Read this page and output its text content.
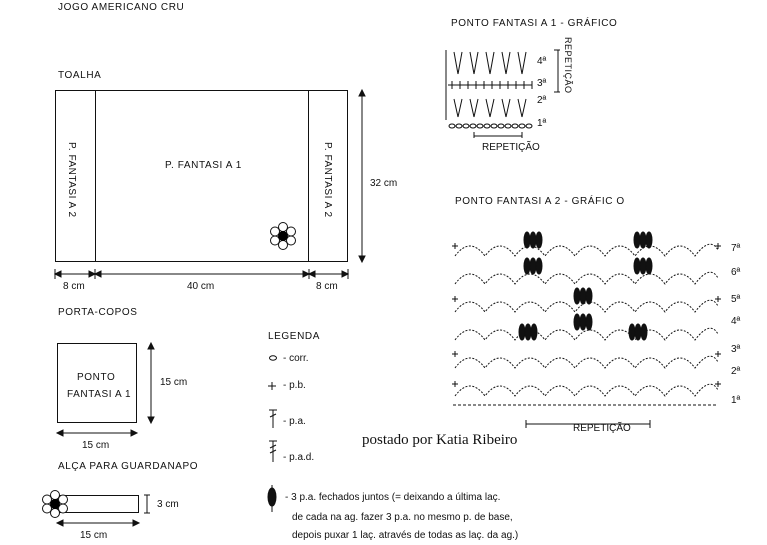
JOGO AMERICANO CRU
TOALHA
P. FANTASI A 1
P. FANTASI A 2	P. FANTASI A 2	32 cm
8 cm	40 cm	8 cm
PORTA-COPOS
PONTO
FANTASI A 1
15 cm
15 cm
ALÇA PARA GUARDANAPO
3 cm
15 cm
LEGENDA
- corr.
- p.b.
- p.a.
- p.a.d.
- 3 p.a. fechados juntos (= deixando a última laç.
de cada na ag. fazer 3 p.a. no mesmo p. de base,
depois puxar 1 laç. através de todas as laç. da ag.)
postado por Katia Ribeiro
PONTO FANTASI A 1 - GRÁFICO
4ª
3ª
2ª
1ª
REPETIÇÃO
REPETIÇÃO
PONTO FANTASI A 2 - GRÁFIC O
7ª
6ª
5ª
4ª
3ª
2ª
1ª
REPETIÇÃO
